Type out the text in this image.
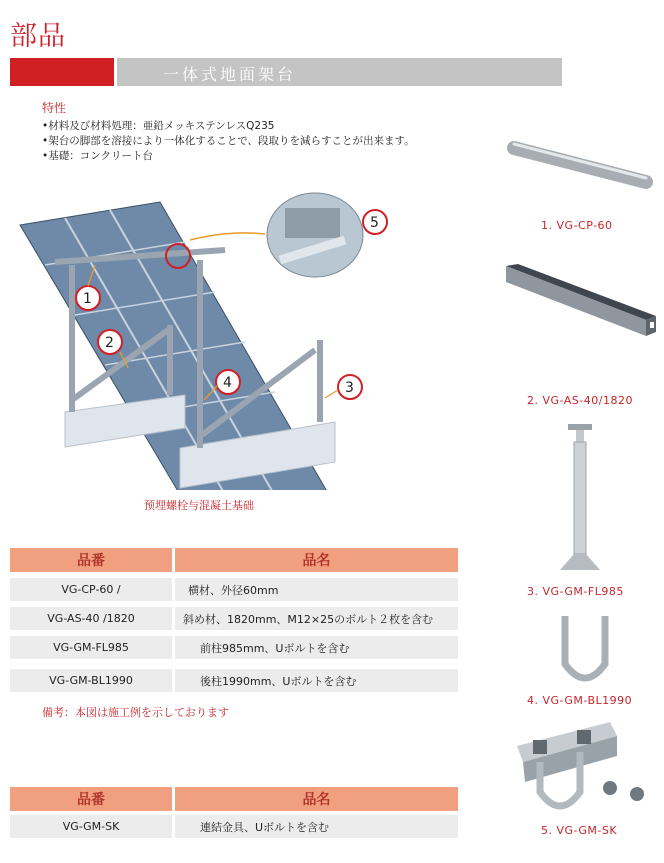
部品
一体式地面架台
特性
•材料及び材料処理：亜鉛メッキステンレスQ235
•架台の脚部を溶接により一体化することで、段取りを減らすことが出来ます。
•基礎：コンクリート台
1
2
3
4
5
预埋螺栓与混凝土基础
品番	品名
VG-CP-60 /	横材、外径60mm
VG-AS-40 /1820	斜め材、1820mm、M12×25のボルト２枚を含む
VG-GM-FL985	前柱985mm、Uボルトを含む
VG-GM-BL1990	後柱1990mm、Uボルトを含む
備考：本図は施工例を示しております
品番	品名
VG-GM-SK	連結金具、Uボルトを含む
1. VG-CP-60
2. VG-AS-40/1820
3. VG-GM-FL985
4. VG-GM-BL1990
5. VG-GM-SK
